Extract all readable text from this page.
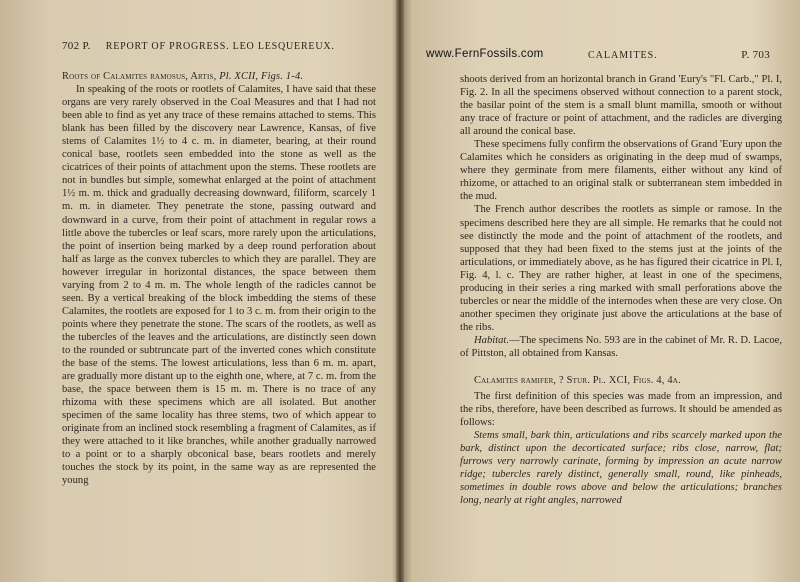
702 P. REPORT OF PROGRESS. LEO LESQUEREUX.

Roots of Calamites ramosus, Artis, Pl. XCII, Figs. 1-4.

In speaking of the roots or rootlets of Calamites, I have said that these organs are very rarely observed in the Coal Measures and that I had not been able to find as yet any trace of these remains attached to stems. This blank has been filled by the discovery near Lawrence, Kansas, of five stems of Calamites 1½ to 4 c. m. in diameter, bearing, at their round conical base, rootlets seen embedded into the stone as well as the cicatrices of their points of attachment upon the stems. These rootlets are not in bundles but simple, somewhat enlarged at the point of attachment 1½ m. m. thick and gradually decreasing downward, filiform, scarcely 1 m. m. in diameter. They penetrate the stone, passing outward and downward in a curve, from their point of attachment in regular rows a little above the tubercles or leaf scars, more rarely upon the articulations, the point of insertion being marked by a deep round perforation about half as large as the convex tubercles to which they are parallel. They are however irregular in horizontal distances, the space between them varying from 2 to 4 m. m. The whole length of the radicles cannot be seen. By a vertical breaking of the block imbedding the stems of these Calamites, the rootlets are exposed for 1 to 3 c. m. from their origin to the points where they penetrate the stone. The scars of the rootlets, as well as the tubercles of the leaves and the articulations, are distinctly seen down to the rounded or subtruncate part of the inverted cones which constitute the base of the stems. The lowest articulations, less than 6 m. m. apart, are gradually more distant up to the eighth one, where, at 7 c. m. from the base, the space between them is 15 m. m. There is no trace of any rhizoma with these specimens which are all isolated. But another specimen of the same locality has three stems, two of which appear to originate from an inclined stock resembling a fragment of Calamites, as if they were attached to it like branches, while another gradually narrowed to a point or to a sharply obconical base, bears rootlets and merely touches the stock by its point, in the same way as are represented the young

www.FernFossils.com	CALAMITES.	P. 703

shoots derived from an horizontal branch in Grand 'Eury's "Fl. Carb.," Pl. I, Fig. 2. In all the specimens observed without connection to a parent stock, the basilar point of the stem is a small blunt mamilla, smooth or without any trace of fracture or point of attachment, and the radicles are diverging all around the conical base.

These specimens fully confirm the observations of Grand 'Eury upon the Calamites which he considers as originating in the deep mud of swamps, where they germinate from mere filaments, either without any kind of rhizome, or attached to an original stalk or subterranean stem imbedded in the mud.

The French author describes the rootlets as simple or ramose. In the specimens described here they are all simple. He remarks that he could not see distinctly the mode and the point of attachment of the rootlets, and supposed that they had been fixed to the stems just at the joints of the articulations, or immediately above, as he has figured their cicatrice in Pl. I, Fig. 4, l. c. They are rather higher, at least in one of the specimens, producing in their series a ring marked with small perforations above the tubercles or near the middle of the internodes when these are very close. On another specimen they originate just above the articulations at the base of the ribs.

Habitat.—The specimens No. 593 are in the cabinet of Mr. R. D. Lacoe, of Pittston, all obtained from Kansas.

Calamites ramifer, ? Stur. Pl. XCI, Figs. 4, 4a.

The first definition of this species was made from an impression, and the ribs, therefore, have been described as furrows. It should be amended as follows:

Stems small, bark thin, articulations and ribs scarcely marked upon the bark, distinct upon the decorticated surface; ribs close, narrow, flat; furrows very narrowly carinate, forming by impression an acute narrow ridge; tubercles rarely distinct, generally small, round, like pinheads, sometimes in double rows above and below the articulations; branches long, nearly at right angles, narrowed
